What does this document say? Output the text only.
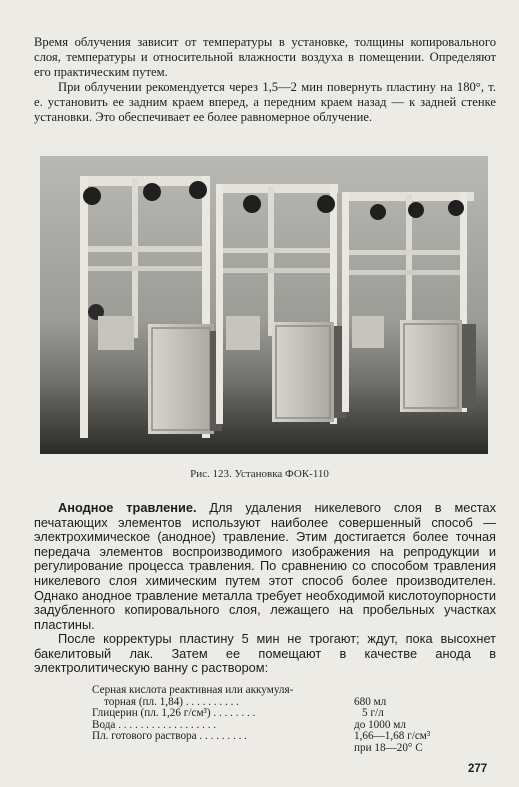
Время облучения зависит от температуры в установке, толщины копировального слоя, температуры и относительной влажности воздуха в помещении. Определяют его практическим путем.

При облучении рекомендуется через 1,5—2 мин повернуть пластину на 180°, т. е. установить ее задним краем вперед, а передним краем назад — к задней стенке установки. Это обеспечивает ее более равномерное облучение.

Рис. 123. Установка ФОК-110

Анодное травление. Для удаления никелевого слоя в местах печатающих элементов используют наиболее совершенный способ — электрохимическое (анодное) травление. Этим достигается более точная передача элементов воспроизводимого изображения на репродукции и регулирование процесса травления. По сравнению со способом травления никелевого слоя химическим путем этот способ более производителен. Однако анодное травление металла требует необходимой кислотоупорности задубленного копировального слоя, лежащего на пробельных участках пластины.

После корректуры пластину 5 мин не трогают; ждут, пока высохнет бакелитовый лак. Затем ее помещают в качестве анода в электролитическую ванну с раствором:

Серная кислота реактивная или аккумуля-
торная (пл. 1,84) . . . . . . . . . .	680 мл
Глицерин (пл. 1,26 г/см³) . . . . . . . .	5 г/л
Вода . . . . . . . . . . . . . . . . . .	до 1000 мл
Пл. готового раствора . . . . . . . . .	1,66—1,68 г/см³
при 18—20° С
277
